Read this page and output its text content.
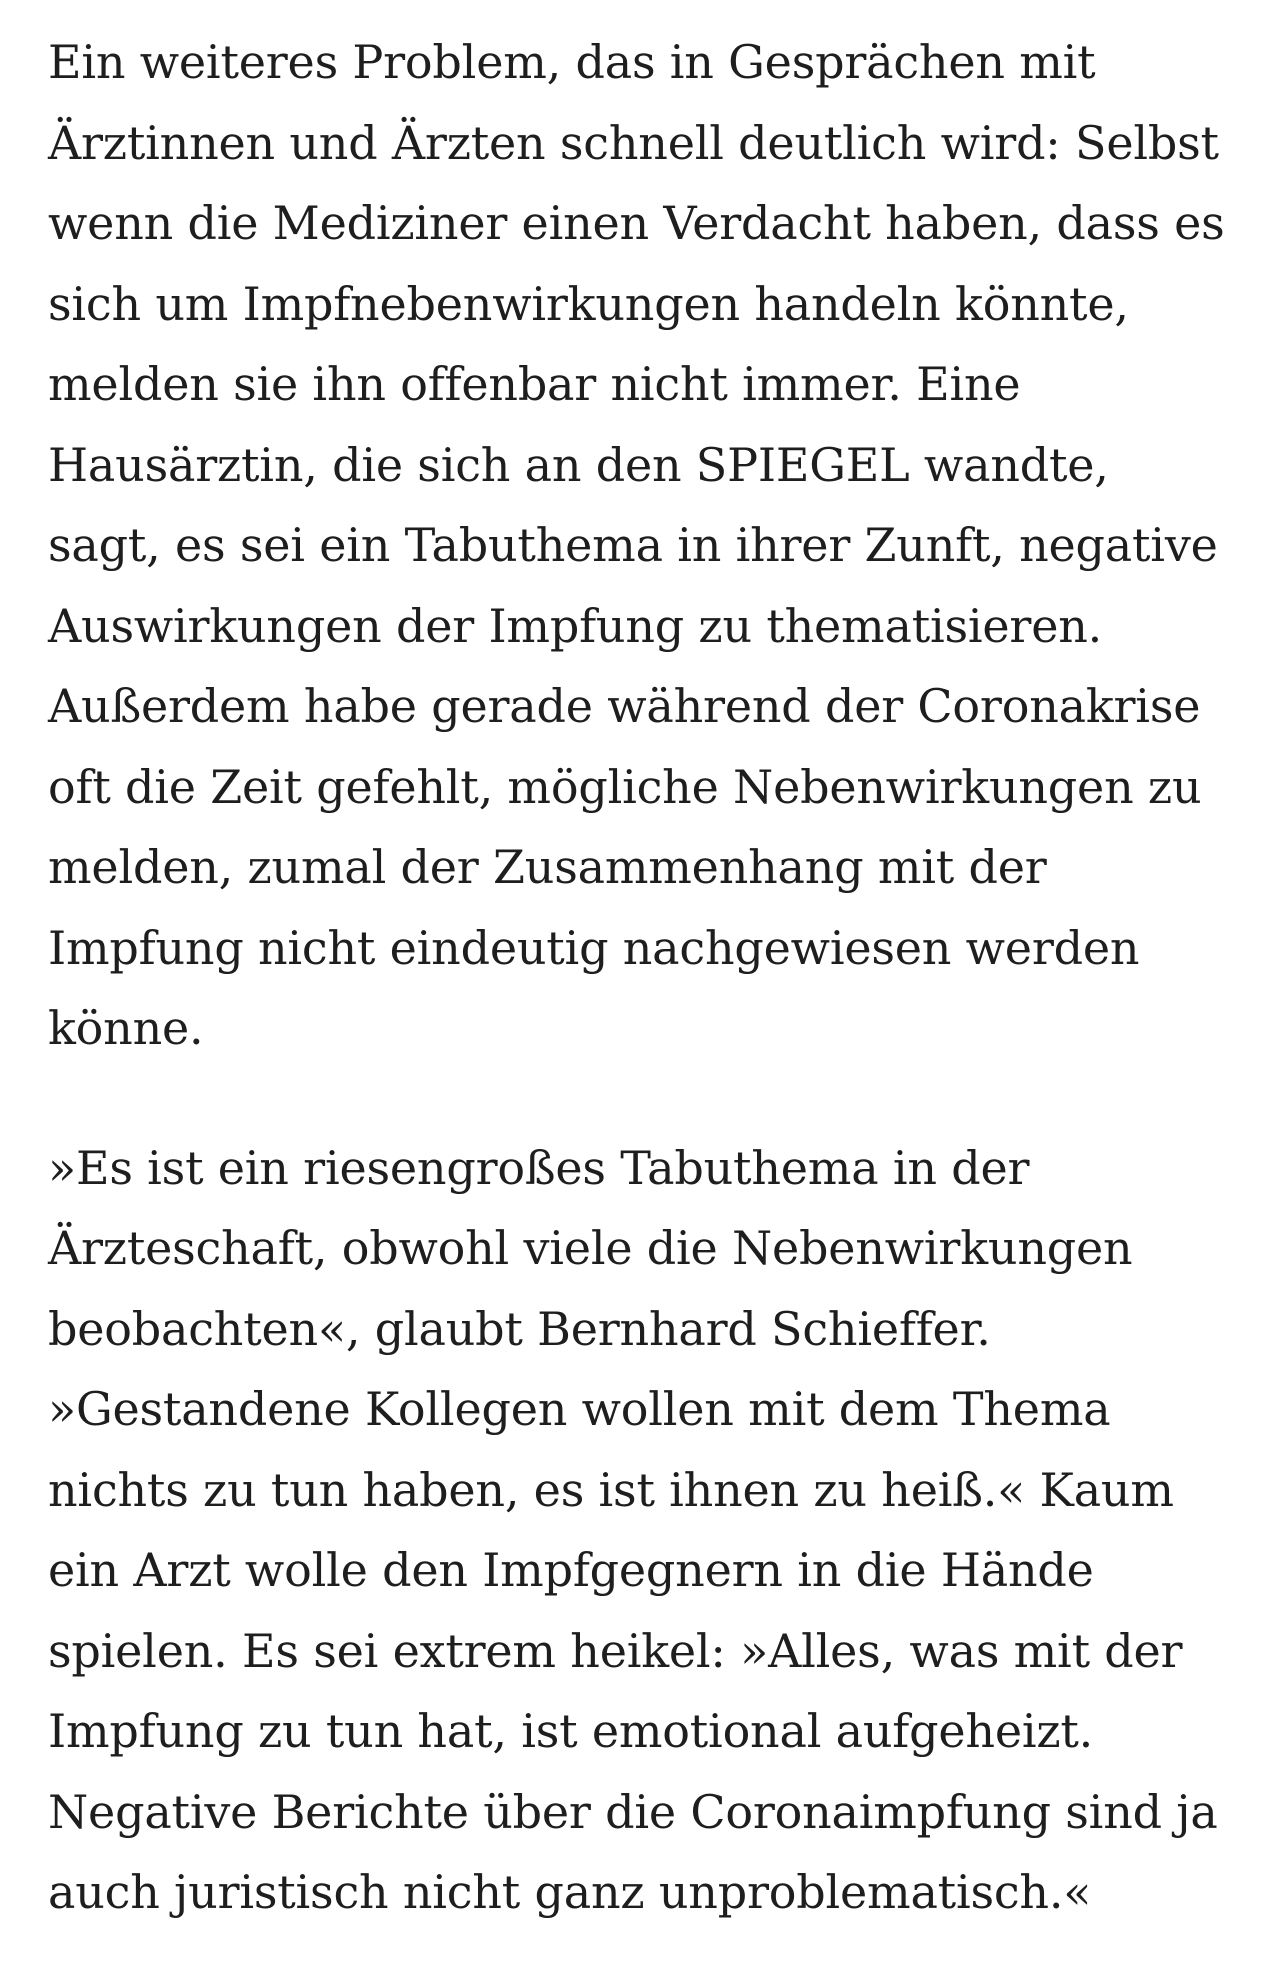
Ein weiteres Problem, das in Gesprächen mit
Ärztinnen und Ärzten schnell deutlich wird: Selbst
wenn die Mediziner einen Verdacht haben, dass es
sich um Impfnebenwirkungen handeln könnte,
melden sie ihn offenbar nicht immer. Eine
Hausärztin, die sich an den SPIEGEL wandte,
sagt, es sei ein Tabuthema in ihrer Zunft, negative
Auswirkungen der Impfung zu thematisieren.
Außerdem habe gerade während der Coronakrise
oft die Zeit gefehlt, mögliche Nebenwirkungen zu
melden, zumal der Zusammenhang mit der
Impfung nicht eindeutig nachgewiesen werden
könne.

»Es ist ein riesengroßes Tabuthema in der
Ärzteschaft, obwohl viele die Nebenwirkungen
beobachten«, glaubt Bernhard Schieffer.
»Gestandene Kollegen wollen mit dem Thema
nichts zu tun haben, es ist ihnen zu heiß.« Kaum
ein Arzt wolle den Impfgegnern in die Hände
spielen. Es sei extrem heikel: »Alles, was mit der
Impfung zu tun hat, ist emotional aufgeheizt.
Negative Berichte über die Coronaimpfung sind ja
auch juristisch nicht ganz unproblematisch.«
